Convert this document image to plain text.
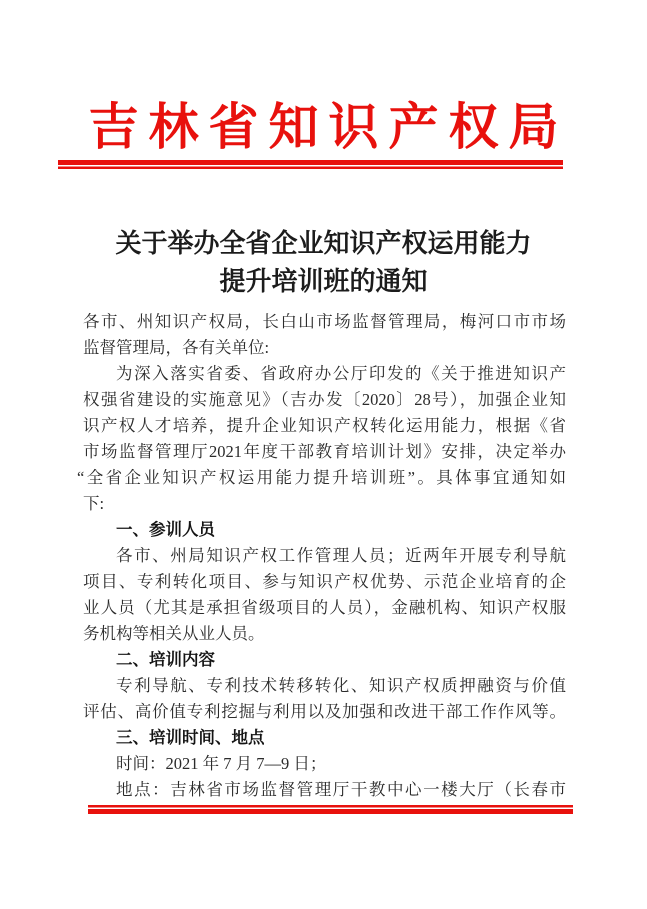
吉林省知识产权局
关于举办全省企业知识产权运用能力
提升培训班的通知
各市、州知识产权局，长白山市场监督管理局，梅河口市市场
监督管理局，各有关单位:
为深入落实省委、省政府办公厅印发的《关于推进知识产
权强省建设的实施意见》（吉办发〔2020〕28号），加强企业知
识产权人才培养，提升企业知识产权转化运用能力，根据《省
市场监督管理厅2021年度干部教育培训计划》安排，决定举办
“全省企业知识产权运用能力提升培训班”。具体事宜通知如
下:
一、参训人员
各市、州局知识产权工作管理人员；近两年开展专利导航
项目、专利转化项目、参与知识产权优势、示范企业培育的企
业人员（尤其是承担省级项目的人员），金融机构、知识产权服
务机构等相关从业人员。
二、培训内容
专利导航、专利技术转移转化、知识产权质押融资与价值
评估、高价值专利挖掘与利用以及加强和改进干部工作作风等。
三、培训时间、地点
时间：2021 年 7 月 7—9 日；
地点：吉林省市场监督管理厅干教中心一楼大厅（长春市
